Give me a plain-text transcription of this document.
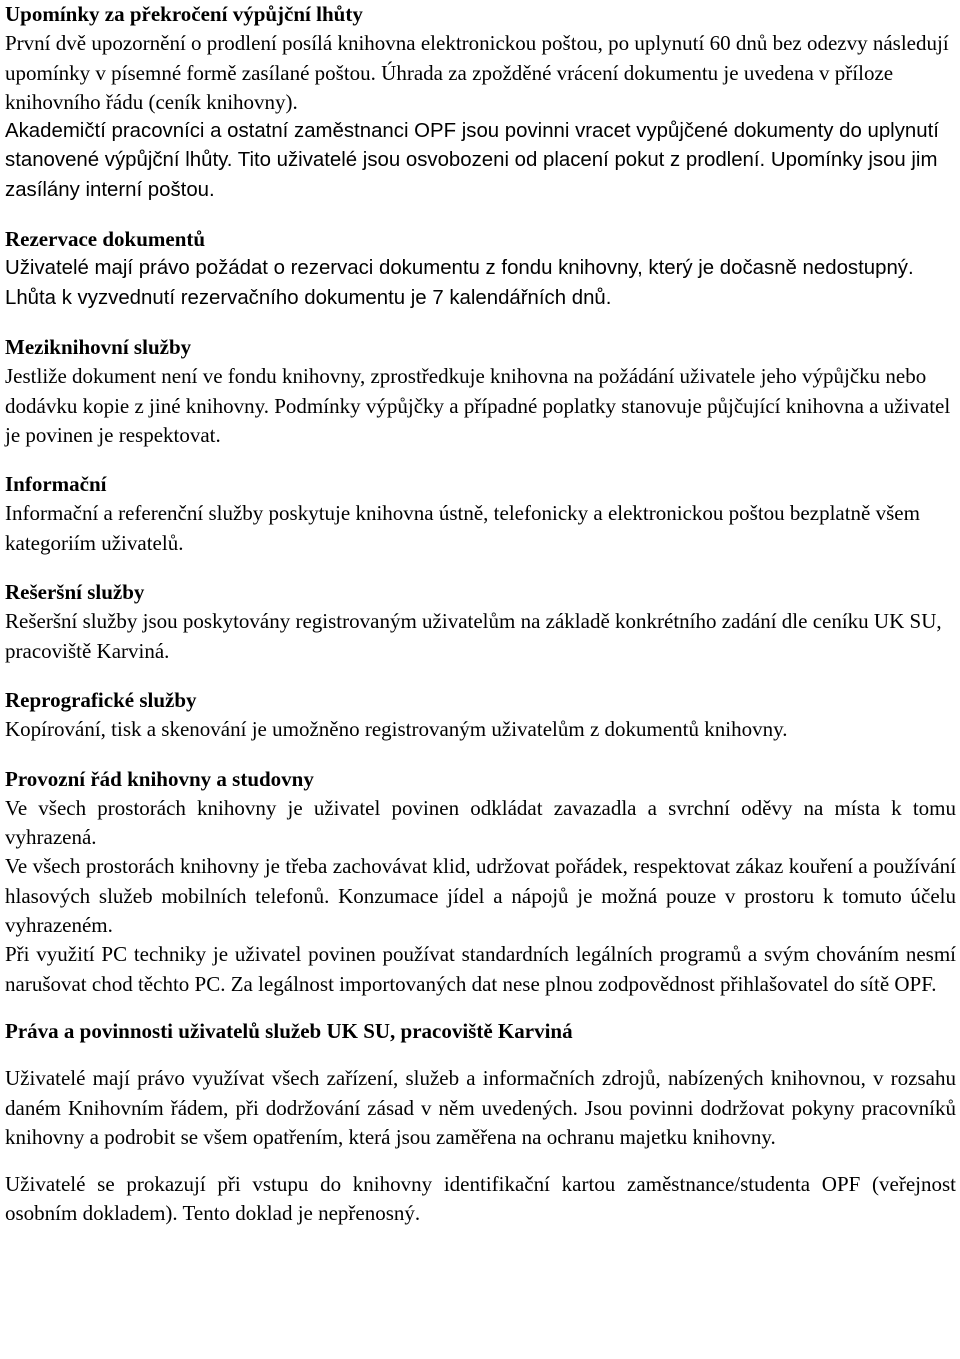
Upomínky za překročení výpůjční lhůty

První dvě upozornění o prodlení posílá knihovna elektronickou poštou, po uplynutí 60 dnů bez odezvy následují upomínky v písemné formě zasílané poštou. Úhrada za zpožděné vrácení dokumentu je uvedena v příloze knihovního řádu (ceník knihovny).

Akademičtí pracovníci a ostatní zaměstnanci OPF jsou povinni vracet vypůjčené dokumenty do uplynutí stanovené výpůjční lhůty. Tito uživatelé jsou osvobozeni od placení pokut z prodlení. Upomínky jsou jim zasílány interní poštou.

Rezervace dokumentů

Uživatelé mají právo požádat o rezervaci dokumentu z fondu knihovny, který je dočasně nedostupný. Lhůta k vyzvednutí rezervačního dokumentu je 7 kalendářních dnů.

Meziknihovní služby

Jestliže dokument není ve fondu knihovny, zprostředkuje knihovna na požádání uživatele jeho výpůjčku nebo dodávku kopie z jiné knihovny. Podmínky výpůjčky a případné poplatky stanovuje půjčující knihovna a uživatel je povinen je respektovat.

Informační

Informační a referenční služby poskytuje knihovna ústně, telefonicky a elektronickou poštou bezplatně všem kategoriím uživatelů.

Rešeršní služby

Rešeršní služby jsou poskytovány registrovaným uživatelům na základě konkrétního zadání dle ceníku UK SU, pracoviště Karviná.

Reprografické služby

Kopírování, tisk a skenování je umožněno registrovaným uživatelům z dokumentů knihovny.

Provozní řád knihovny a studovny

Ve všech prostorách knihovny je uživatel povinen odkládat zavazadla a svrchní oděvy na místa k tomu vyhrazená.

Ve všech prostorách knihovny je třeba zachovávat klid, udržovat pořádek, respektovat zákaz kouření a používání hlasových služeb mobilních telefonů. Konzumace jídel a nápojů je možná pouze v prostoru k tomuto účelu vyhrazeném.

Při využití PC techniky je uživatel povinen používat standardních legálních programů a svým chováním nesmí narušovat chod těchto PC. Za legálnost importovaných dat nese plnou zodpovědnost přihlašovatel do sítě OPF.

Práva a povinnosti uživatelů služeb UK SU, pracoviště Karviná

Uživatelé mají právo využívat všech zařízení, služeb a informačních zdrojů, nabízených knihovnou, v rozsahu daném Knihovním řádem, při dodržování zásad v něm uvedených. Jsou povinni dodržovat pokyny pracovníků knihovny a podrobit se všem opatřením, která jsou zaměřena na ochranu majetku knihovny.

Uživatelé se prokazují při vstupu do knihovny identifikační kartou zaměstnance/studenta OPF (veřejnost osobním dokladem). Tento doklad je nepřenosný.
